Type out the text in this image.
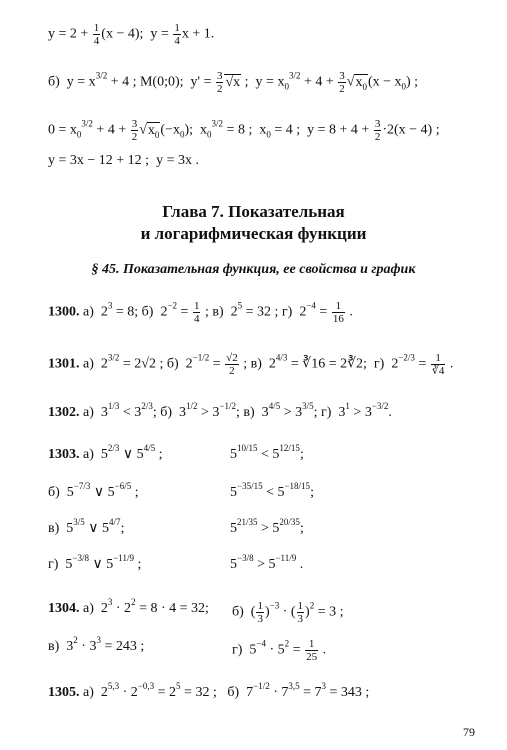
$y = 2 + \frac{1}{4} (x - 4)$;  $y = \frac{1}{4}$ x + 1.
б)  $y = x^{3/2} + 4$ ; M(0;0);  $y' = \frac{3}{2} √x$ ;  $y = x_0^{3/2} + 4 + \frac{3}{2} √x_0(x - x_0)$ ;
$0 = x_0^{3/2} + 4 + \frac{3}{2} √x_0(-x_0)$;  $x_0^{3/2} = 8$ ;  $x_0 = 4$ ;  $y = 8 + 4 + \frac{3}{2} \cdot 2(x - 4)$ ;
y = 3x − 12 + 12 ;  y = 3x .
Глава 7. Показательная
и логарифмическая функции
§ 45. Показательная функция, ее свойства и график
1300. а)  $2^3 = 8$; б)  $2^{-2} = \frac{1}{4}$ ; в)  $2^5 = 32$ ; г)  $2^{-4} = \frac{1}{16}$ .
1301. а)  $2^{3/2} = 2√2$ ; б)  $2^{-1/2} = \frac{√2}{2}$ ; в)  $2^{4/3}$ = ∛16 = 2∛2;  г)  $2^{-2/3} = \frac{1}{∛4}$ .
1302. а)  $3^{1/3} < 3^{2/3}$; б)  $3^{1/2} > 3^{-1/2}$; в)  $3^{4/5} > 3^{3/5}$; г)  $3^1 > 3^{-3/2}$.
1303. а)  $5^{2/3}$ ∨ $5^{4/5}$ ;	$5^{10/15} < 5^{12/15}$;
б)  $5^{-7/3}$ ∨ $5^{-6/5}$ ;	$5^{-35/15} < 5^{-18/15}$;
в)  $5^{3/5}$ ∨ $5^{4/7}$;	$5^{21/35} > 5^{20/35}$;
г)  $5^{-3/8}$ ∨ $5^{-11/9}$ ;	$5^{-3/8} > 5^{-11/9}$ .
1304. а)  $2^3 \cdot 2^2 = 8 \cdot 4 = 32$; б)  ( $\frac{1}{3} )^{-3}$ · ( $\frac{1}{3} )^2 = 3$ ;
в)  $3^2 \cdot 3^3 = 243$ ;	г)  $5^{-4} \cdot 5^2 = \frac{1}{25}$ .
1305. а)  $2^{5,3} \cdot 2^{-0,3} = 2^5 = 32$ ;   б)  $7^{-1/2} \cdot 7^{3,5} = 7^3 = 343$ ;
79
